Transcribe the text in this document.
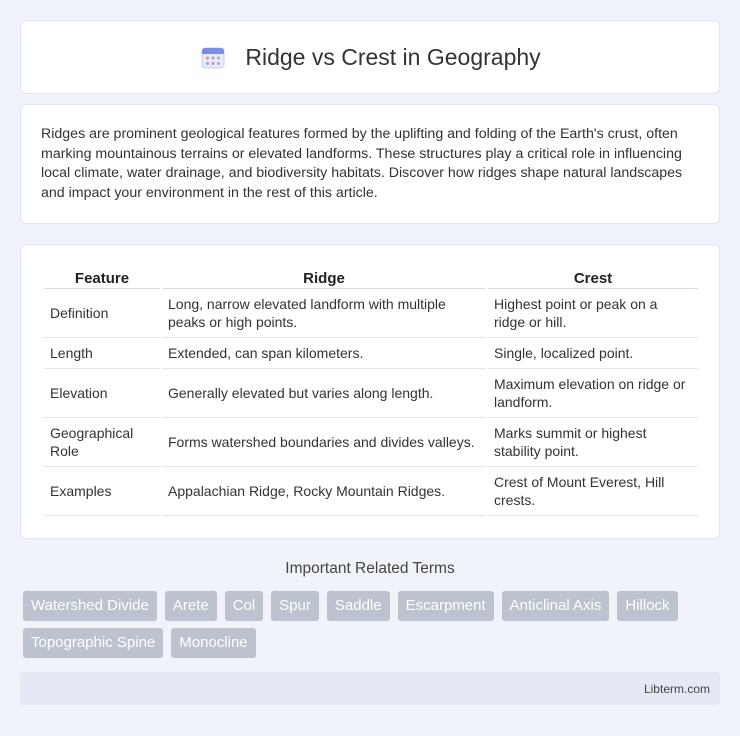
Ridge vs Crest in Geography

Ridges are prominent geological features formed by the uplifting and folding of the Earth's crust, often marking mountainous terrains or elevated landforms. These structures play a critical role in influencing local climate, water drainage, and biodiversity habitats. Discover how ridges shape natural landscapes and impact your environment in the rest of this article.

Feature	Ridge	Crest
Definition	Long, narrow elevated landform with multiple peaks or high points.	Highest point or peak on a ridge or hill.
Length	Extended, can span kilometers.	Single, localized point.
Elevation	Generally elevated but varies along length.	Maximum elevation on ridge or landform.
Geographical Role	Forms watershed boundaries and divides valleys.	Marks summit or highest stability point.
Examples	Appalachian Ridge, Rocky Mountain Ridges.	Crest of Mount Everest, Hill crests.
Important Related Terms
Watershed Divide	Arete	Col	Spur	Saddle	Escarpment	Anticlinal Axis	Hillock
Topographic Spine	Monocline
Libterm.com
